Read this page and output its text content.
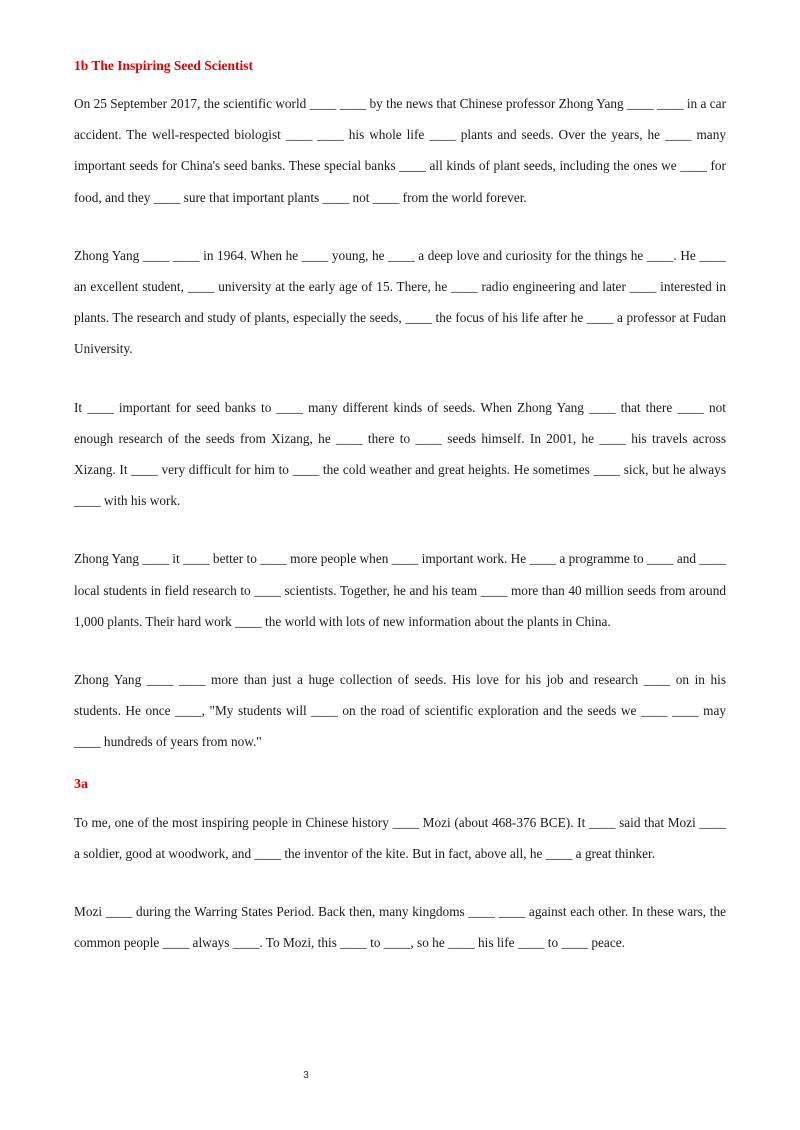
1b The Inspiring Seed Scientist

On 25 September 2017, the scientific world ____ ____ by the news that Chinese professor Zhong Yang ____ ____ in a car accident. The well-respected biologist ____ ____ his whole life ____ plants and seeds. Over the years, he ____ many important seeds for China's seed banks. These special banks ____ all kinds of plant seeds, including the ones we ____ for food, and they ____ sure that important plants ____ not ____ from the world forever.

Zhong Yang ____ ____ in 1964. When he ____ young, he ____ a deep love and curiosity for the things he ____. He ____ an excellent student, ____ university at the early age of 15. There, he ____ radio engineering and later ____ interested in plants. The research and study of plants, especially the seeds, ____ the focus of his life after he ____ a professor at Fudan University.

It ____ important for seed banks to ____ many different kinds of seeds. When Zhong Yang ____ that there ____ not enough research of the seeds from Xizang, he ____ there to ____ seeds himself. In 2001, he ____ his travels across Xizang. It ____ very difficult for him to ____ the cold weather and great heights. He sometimes ____ sick, but he always ____ with his work.

Zhong Yang ____ it ____ better to ____ more people when ____ important work. He ____ a programme to ____ and ____ local students in field research to ____ scientists. Together, he and his team ____ more than 40 million seeds from around 1,000 plants. Their hard work ____ the world with lots of new information about the plants in China.

Zhong Yang ____ ____ more than just a huge collection of seeds. His love for his job and research ____ on in his students. He once ____, "My students will ____ on the road of scientific exploration and the seeds we ____ ____ may ____ hundreds of years from now."

3a

To me, one of the most inspiring people in Chinese history ____ Mozi (about 468-376 BCE). It ____ said that Mozi ____ a soldier, good at woodwork, and ____ the inventor of the kite. But in fact, above all, he ____ a great thinker.

Mozi ____ during the Warring States Period. Back then, many kingdoms ____ ____ against each other. In these wars, the common people ____ always ____. To Mozi, this ____ to ____, so he ____ his life ____ to ____ peace.

3
